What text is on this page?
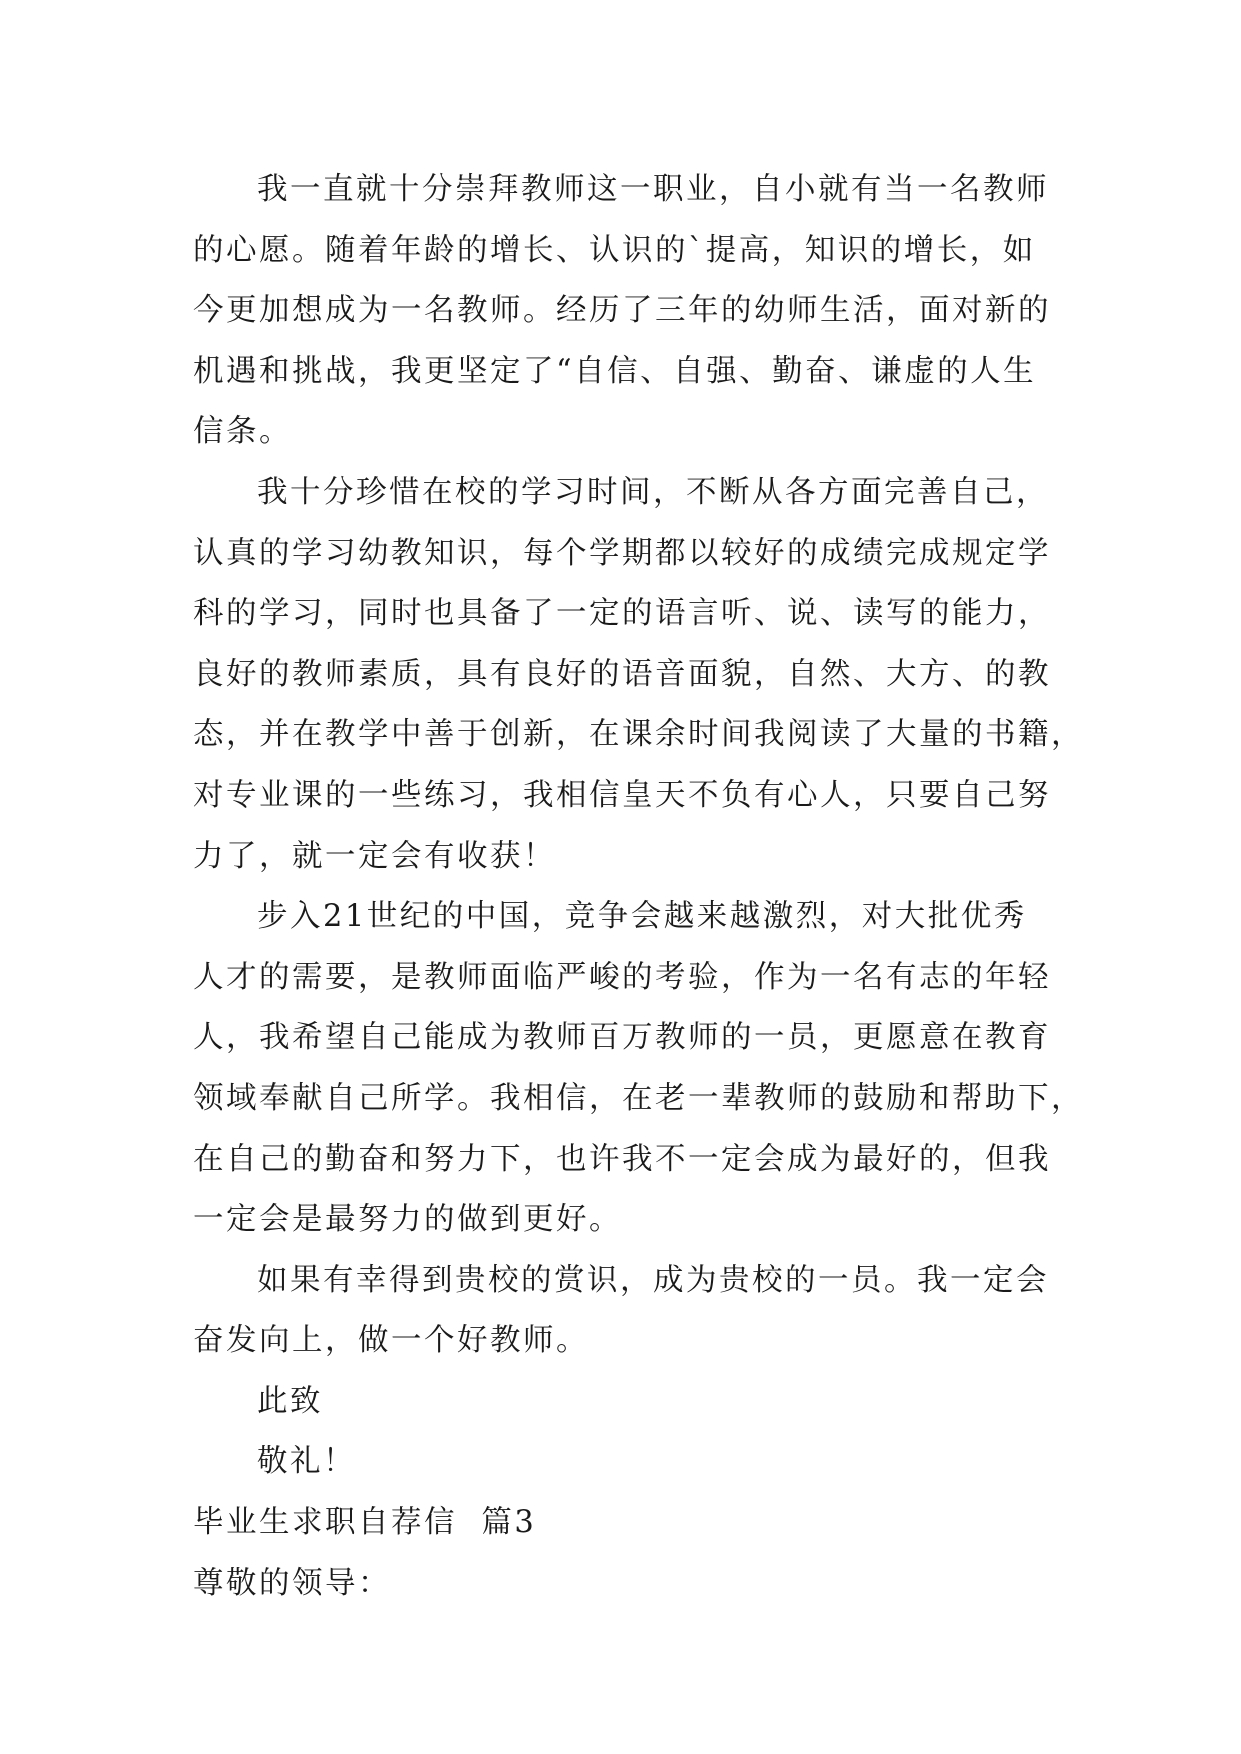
我一直就十分崇拜教师这一职业，自小就有当一名教师
的心愿。随着年龄的增长、认识的`提高，知识的增长，如
今更加想成为一名教师。经历了三年的幼师生活，面对新的
机遇和挑战，我更坚定了“自信、自强、勤奋、谦虚的人生
信条。
我十分珍惜在校的学习时间，不断从各方面完善自己，
认真的学习幼教知识，每个学期都以较好的成绩完成规定学
科的学习，同时也具备了一定的语言听、说、读写的能力，
良好的教师素质，具有良好的语音面貌，自然、大方、的教
态，并在教学中善于创新，在课余时间我阅读了大量的书籍，
对专业课的一些练习，我相信皇天不负有心人，只要自己努
力了，就一定会有收获！
步入21世纪的中国，竞争会越来越激烈，对大批优秀
人才的需要，是教师面临严峻的考验，作为一名有志的年轻
人，我希望自己能成为教师百万教师的一员，更愿意在教育
领域奉献自己所学。我相信，在老一辈教师的鼓励和帮助下，
在自己的勤奋和努力下，也许我不一定会成为最好的，但我
一定会是最努力的做到更好。
如果有幸得到贵校的赏识，成为贵校的一员。我一定会
奋发向上，做一个好教师。
此致
敬礼！
毕业生求职自荐信  篇3
尊敬的领导：
